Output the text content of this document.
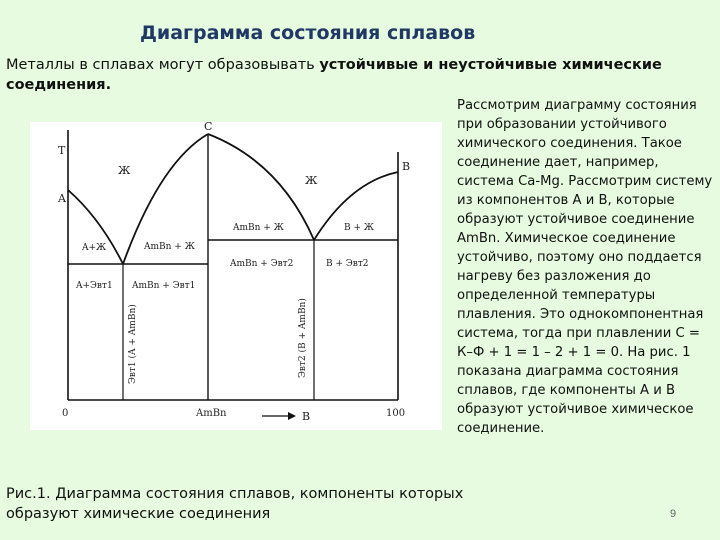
Диаграмма состояния сплавов
Металлы в сплавах могут образовывать устойчивые и неустойчивые химические соединения.
Рассмотрим диаграмму состояния при образовании устойчивого химического соединения. Такое соединение дает, например, система Ca-Mg. Рассмотрим систему из компонентов A и B, которые образуют устойчивое соединение AmBn. Химическое соединение устойчиво, поэтому оно поддается нагреву без разложения до определенной температуры плавления. Это однокомпонентная система, тогда при плавлении С = К–Ф + 1 = 1 – 2 + 1 = 0. На рис. 1 показана диаграмма состояния сплавов, где компоненты А и В образуют устойчивое химическое соединение.
T
A
C
B
Ж
Ж
A+Ж	AmBn + Ж
AmBn + Ж	B + Ж
A+Эвт1 AmBn + Эвт1
AmBn + Эвт2	B + Эвт2
Эвт1 (A + AmBn)	Эвт2 (B + AmBn)
0	AmBn	B	100
Рис.1. Диаграмма состояния сплавов, компоненты которых образуют химические соединения	9
